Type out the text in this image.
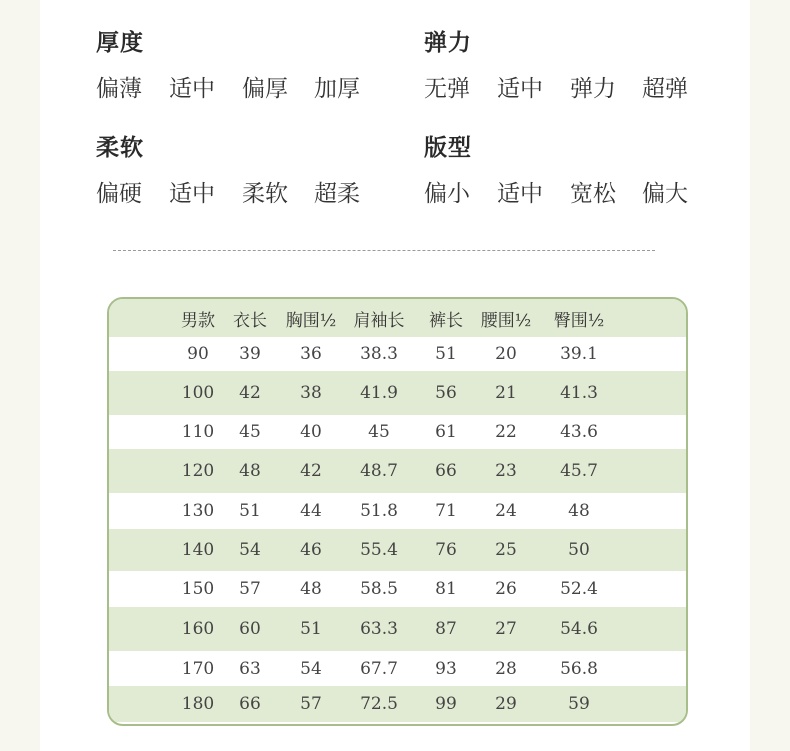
厚度
偏薄	适中	偏厚	加厚
弹力
无弹	适中	弹力	超弹
柔软
偏硬	适中	柔软	超柔
版型
偏小	适中	宽松	偏大
男款	衣长	胸围½	肩袖长	裤长	腰围½	臀围½
90	39	36	38.3	51	20	39.1
100	42	38	41.9	56	21	41.3
110	45	40	45	61	22	43.6
120	48	42	48.7	66	23	45.7
130	51	44	51.8	71	24	48
140	54	46	55.4	76	25	50
150	57	48	58.5	81	26	52.4
160	60	51	63.3	87	27	54.6
170	63	54	67.7	93	28	56.8
180	66	57	72.5	99	29	59
